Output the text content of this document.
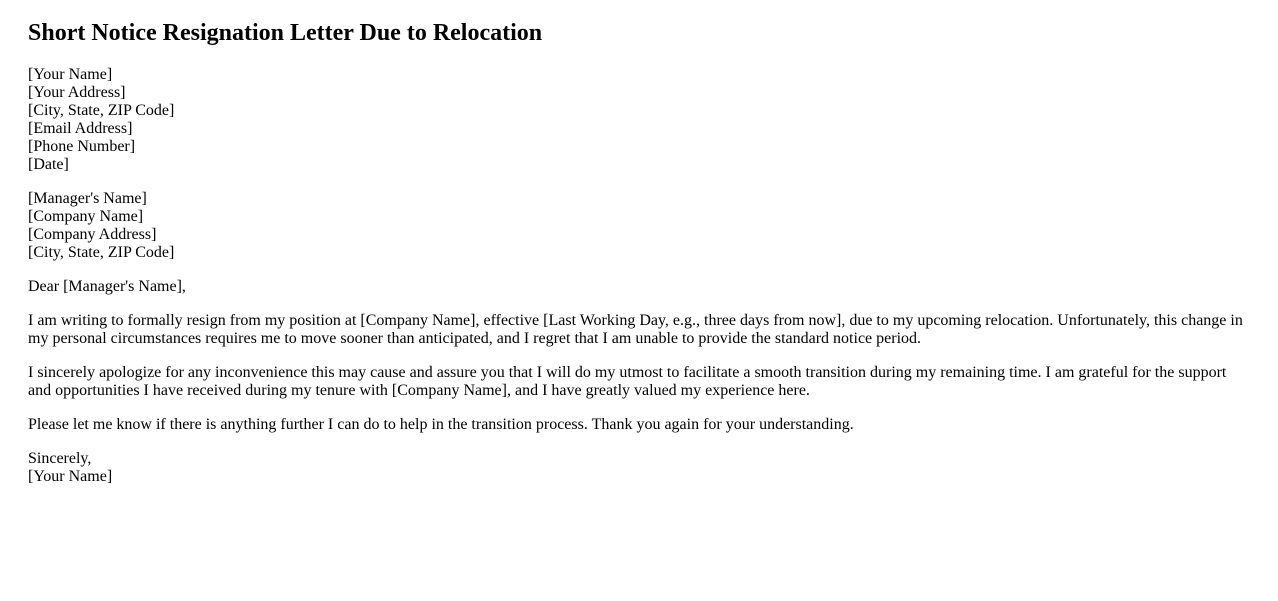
Short Notice Resignation Letter Due to Relocation
[Your Name]
[Your Address]
[City, State, ZIP Code]
[Email Address]
[Phone Number]
[Date]
[Manager's Name]
[Company Name]
[Company Address]
[City, State, ZIP Code]

Dear [Manager's Name],

I am writing to formally resign from my position at [Company Name], effective [Last Working Day, e.g., three days from now], due to my upcoming relocation. Unfortunately, this change in my personal circumstances requires me to move sooner than anticipated, and I regret that I am unable to provide the standard notice period.

I sincerely apologize for any inconvenience this may cause and assure you that I will do my utmost to facilitate a smooth transition during my remaining time. I am grateful for the support and opportunities I have received during my tenure with [Company Name], and I have greatly valued my experience here.

Please let me know if there is anything further I can do to help in the transition process. Thank you again for your understanding.

Sincerely,
[Your Name]
